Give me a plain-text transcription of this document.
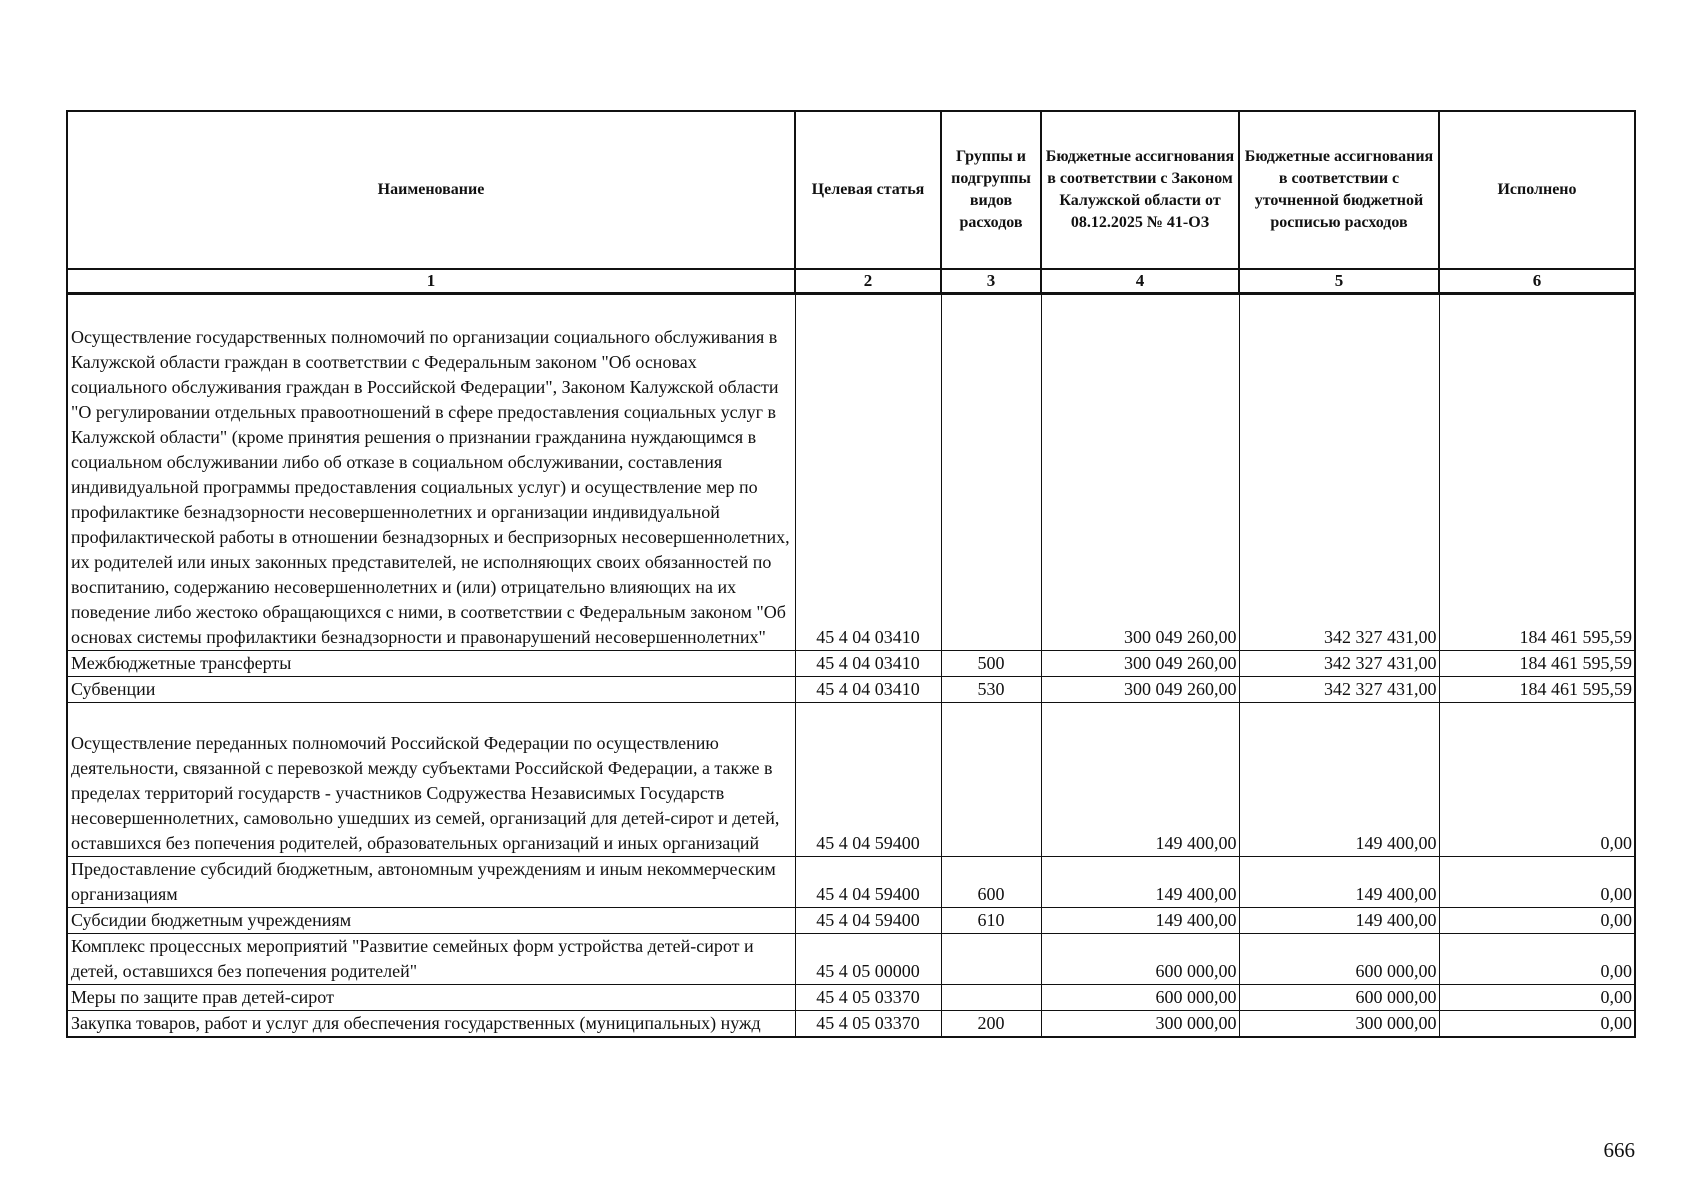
Наименование	Целевая статья	Группы и подгруппы видов расходов	Бюджетные ассигнования в соответствии с Законом Калужской области от 08.12.2025 № 41-ОЗ	Бюджетные ассигнования в соответствии с уточненной бюджетной росписью расходов	Исполнено
1	2	3	4	5	6
Осуществление государственных полномочий по организации социального обслуживания в Калужской области граждан в соответствии с Федеральным законом "Об основах социального обслуживания граждан в Российской Федерации", Законом Калужской области "О регулировании отдельных правоотношений в сфере предоставления социальных услуг в Калужской области" (кроме принятия решения о признании гражданина нуждающимся в социальном обслуживании либо об отказе в социальном обслуживании, составления индивидуальной программы предоставления социальных услуг) и осуществление мер по профилактике безнадзорности несовершеннолетних и организации индивидуальной профилактической работы в отношении безнадзорных и беспризорных несовершеннолетних, их родителей или иных законных представителей, не исполняющих своих обязанностей по воспитанию, содержанию несовершеннолетних и (или) отрицательно влияющих на их поведение либо жестоко обращающихся с ними, в соответствии с Федеральным законом "Об основах системы профилактики безнадзорности и правонарушений несовершеннолетних"	45 4 04 03410		300 049 260,00	342 327 431,00	184 461 595,59
Межбюджетные трансферты	45 4 04 03410	500	300 049 260,00	342 327 431,00	184 461 595,59
Субвенции	45 4 04 03410	530	300 049 260,00	342 327 431,00	184 461 595,59
Осуществление переданных полномочий Российской Федерации по осуществлению деятельности, связанной с перевозкой между субъектами Российской Федерации, а также в пределах территорий государств - участников Содружества Независимых Государств несовершеннолетних, самовольно ушедших из семей, организаций для детей-сирот и детей, оставшихся без попечения родителей, образовательных организаций и иных организаций	45 4 04 59400		149 400,00	149 400,00	0,00
Предоставление субсидий бюджетным, автономным учреждениям и иным некоммерческим организациям	45 4 04 59400	600	149 400,00	149 400,00	0,00
Субсидии бюджетным учреждениям	45 4 04 59400	610	149 400,00	149 400,00	0,00
Комплекс процессных мероприятий "Развитие семейных форм устройства детей-сирот и детей, оставшихся без попечения родителей"	45 4 05 00000		600 000,00	600 000,00	0,00
Меры по защите прав детей-сирот	45 4 05 03370		600 000,00	600 000,00	0,00
Закупка товаров, работ и услуг для обеспечения государственных (муниципальных) нужд	45 4 05 03370	200	300 000,00	300 000,00	0,00
666
